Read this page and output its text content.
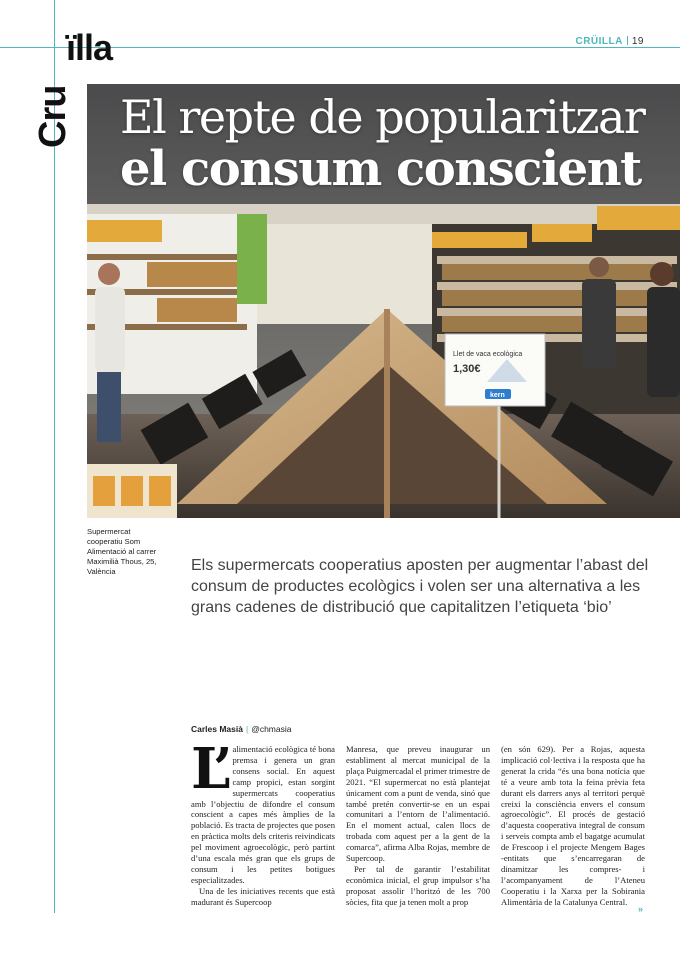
Cru
ïlla	CRÜILLA 19
Llet de vaca ecològica
1,30€
kern
El repte de popularitzar
el consum conscient
Supermercat cooperatiu Som Alimentació al carrer Maximilià Thous, 25, València	Els supermercats cooperatius aposten per augmentar l’abast del consum de productes ecològics i volen ser una alternativa a les grans cadenes de distribució que capitalitzen l’etiqueta ‘bio’
Carles Masià | @chmasia

L’ alimentació ecològica té bona premsa i genera un gran consens social. En aquest camp propici, estan sorgint supermercats cooperatius amb l’objectiu de difondre el consum conscient a capes més àmplies de la població. Es tracta de projectes que posen en pràctica molts dels criteris reivindicats pel moviment agroecològic, però partint d’una escala més gran que els grups de consum i les petites botigues especialitzades.

Una de les iniciatives recents que està madurant és Supercoop

Manresa, que preveu inaugurar un establiment al mercat municipal de la plaça Puigmercadal el primer trimestre de 2021. “El supermercat no està plantejat únicament com a punt de venda, sinó que també pretén convertir-se en un espai comunitari a l’entorn de l’alimentació. En el moment actual, calen llocs de trobada com aquest per a la gent de la comarca”, afirma Alba Rojas, membre de Supercoop.

Per tal de garantir l’estabilitat econòmica inicial, el grup impulsor s’ha proposat assolir l’horitzó de les 700 sòcies, fita que ja tenen molt a prop

(en són 629). Per a Rojas, aquesta implicació col·lectiva i la resposta que ha generat la crida “és una bona notícia que té a veure amb tota la feina prèvia feta durant els darrers anys al territori perquè creixi la consciència envers el consum agroecològic”. El procés de gestació d’aquesta cooperativa integral de consum i serveis compta amb el bagatge acumulat de Frescoop i el projecte Mengem Bages -entitats que s’encarregaran de dinamitzar les compres- i l’acompanyament de l’Ateneu Cooperatiu i la Xarxa per la Sobirania Alimentària de la Catalunya Central.

»
